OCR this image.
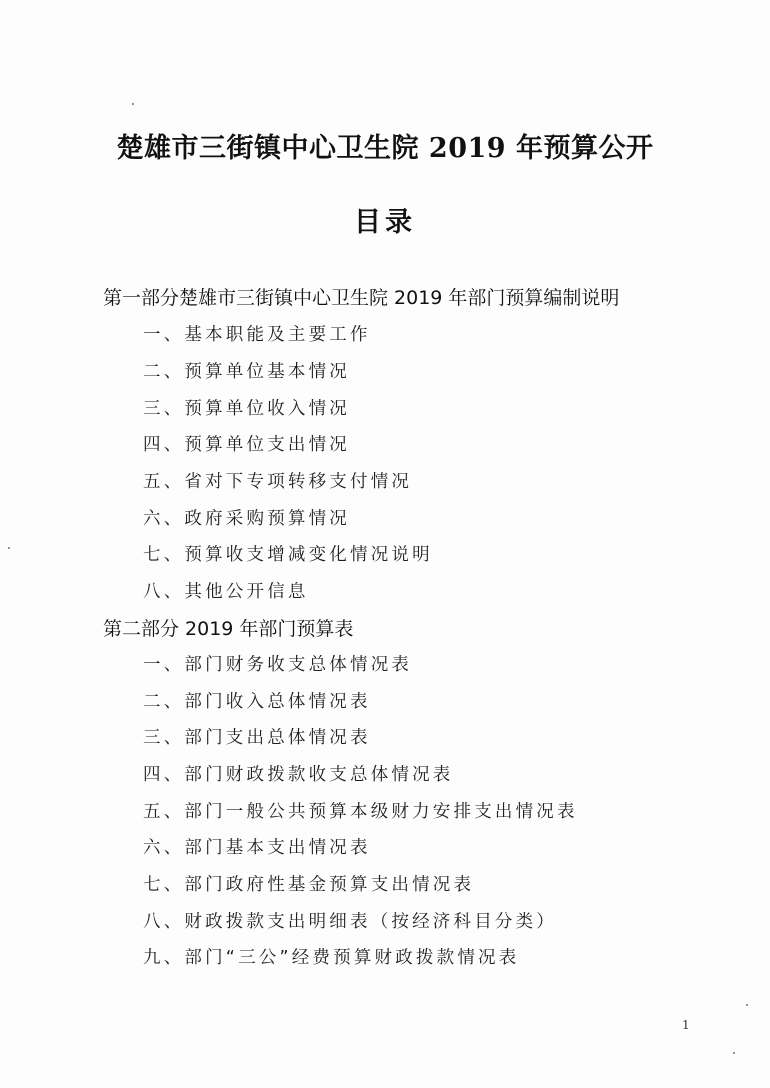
楚雄市三街镇中心卫生院 2019 年预算公开
目录
第一部分楚雄市三街镇中心卫生院 2019 年部门预算编制说明
一、基本职能及主要工作
二、预算单位基本情况
三、预算单位收入情况
四、预算单位支出情况
五、省对下专项转移支付情况
六、政府采购预算情况
七、预算收支增减变化情况说明
八、其他公开信息
第二部分 2019 年部门预算表
一、部门财务收支总体情况表
二、部门收入总体情况表
三、部门支出总体情况表
四、部门财政拨款收支总体情况表
五、部门一般公共预算本级财力安排支出情况表
六、部门基本支出情况表
七、部门政府性基金预算支出情况表
八、财政拨款支出明细表（按经济科目分类）
九、部门“三公”经费预算财政拨款情况表
1
